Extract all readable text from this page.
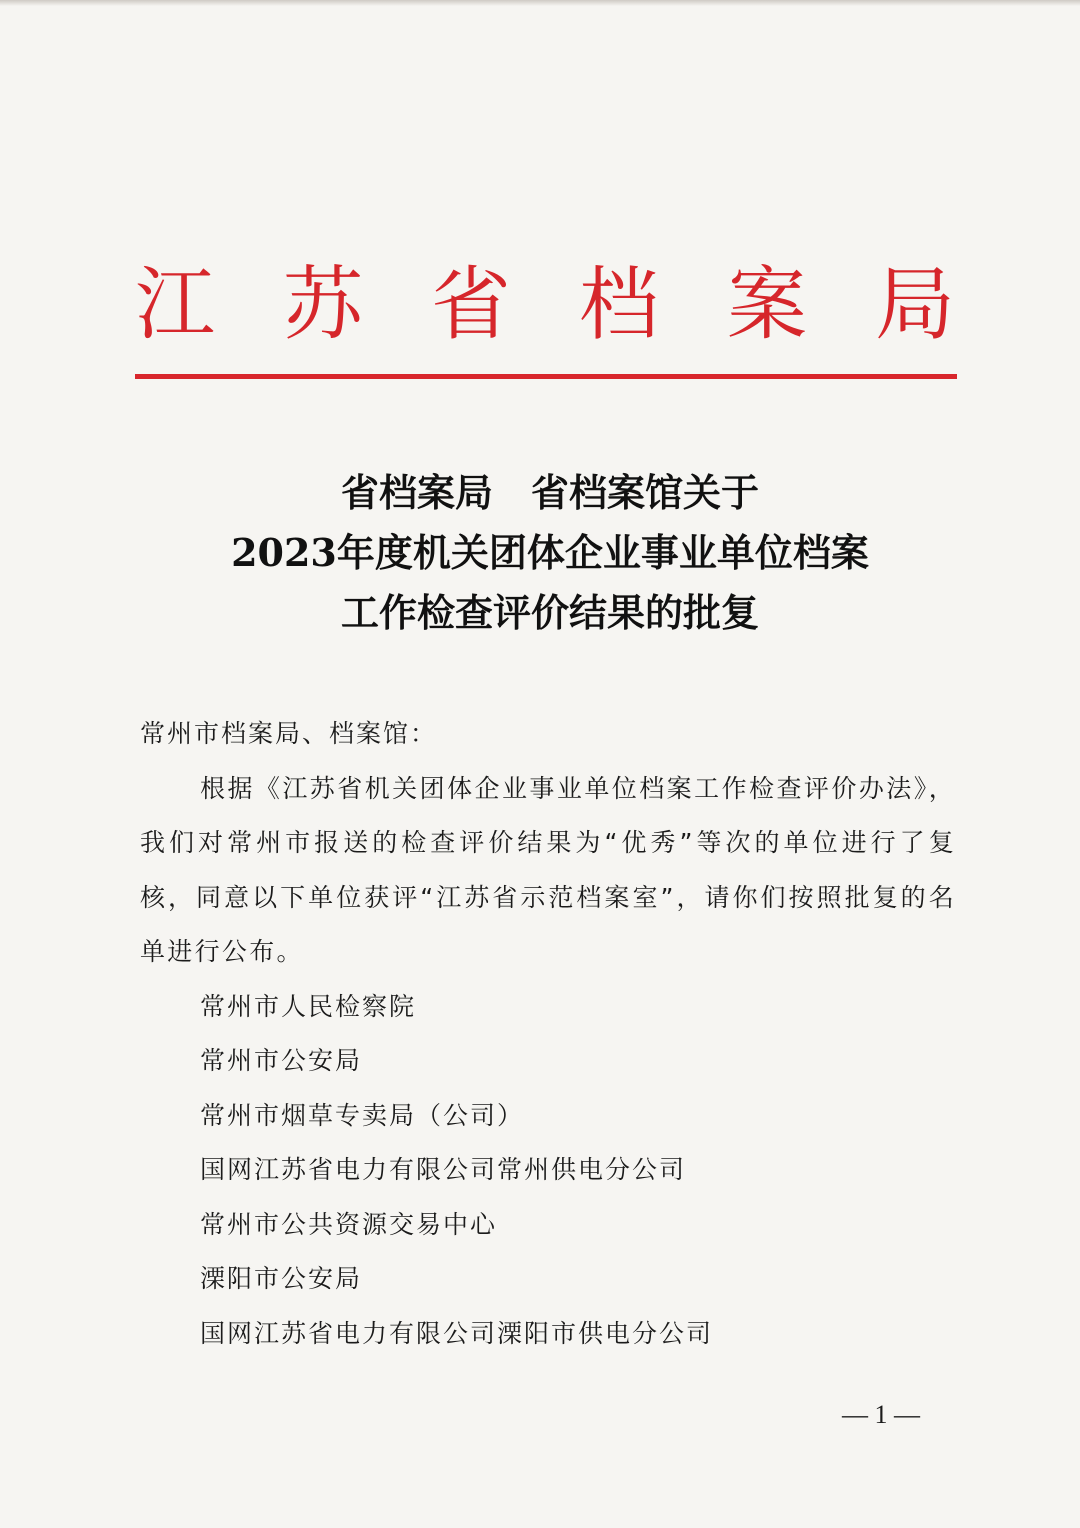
江 苏 省 档 案 局
省档案局　省档案馆关于
2023年度机关团体企业事业单位档案
工作检查评价结果的批复
常州市档案局、档案馆：
根据《江苏省机关团体企业事业单位档案工作检查评价办法》，我们对常州市报送的检查评价结果为“优秀”等次的单位进行了复核，同意以下单位获评“江苏省示范档案室”，请你们按照批复的名单进行公布。
常州市人民检察院
常州市公安局
常州市烟草专卖局（公司）
国网江苏省电力有限公司常州供电分公司
常州市公共资源交易中心
溧阳市公安局
国网江苏省电力有限公司溧阳市供电分公司
— 1 —
